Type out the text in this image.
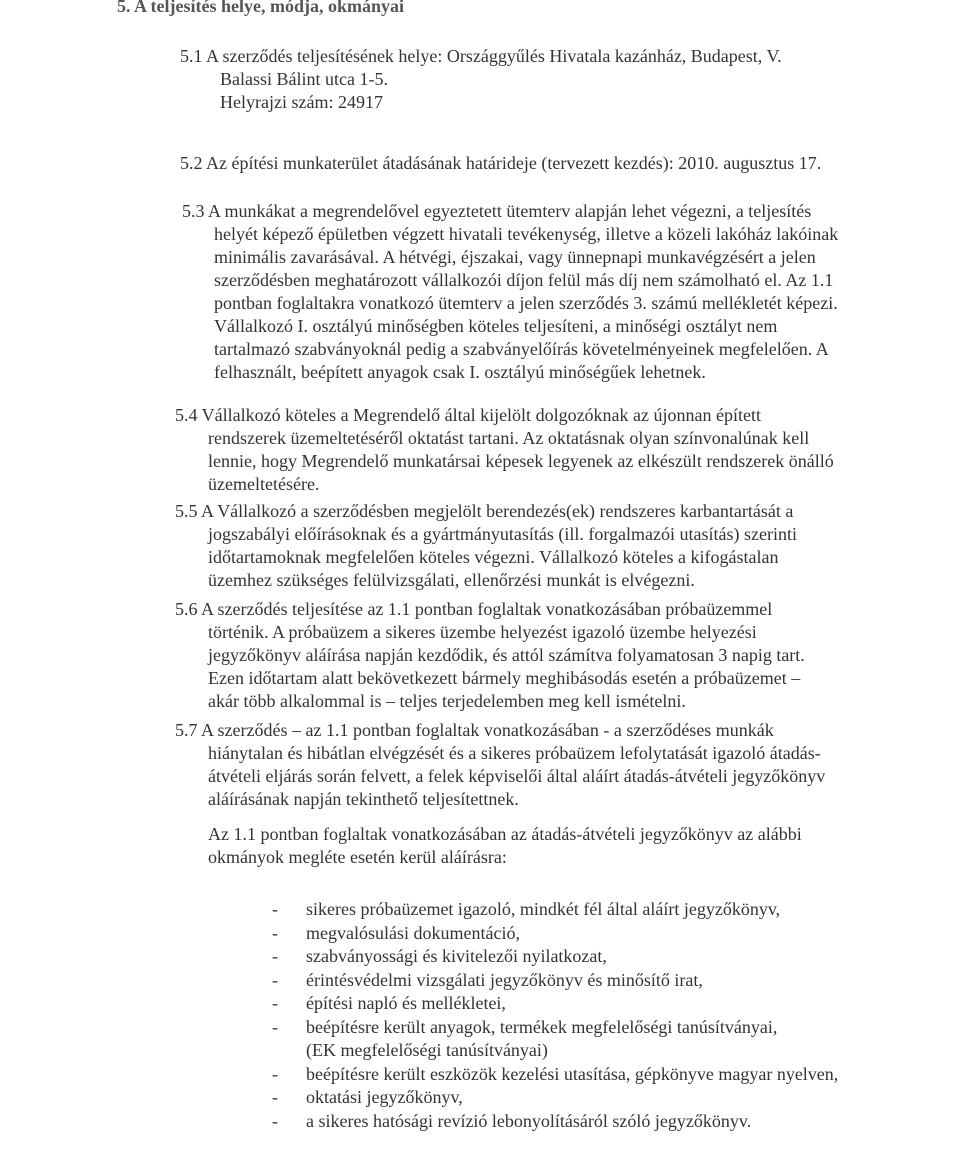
5. A teljesítés helye, módja, okmányai
5.1 A szerződés teljesítésének helye: Országgyűlés Hivatala kazánház, Budapest, V.
Balassi Bálint utca 1-5.
Helyrajzi szám: 24917
5.2 Az építési munkaterület átadásának határideje (tervezett kezdés): 2010. augusztus 17.
5.3 A munkákat a megrendelővel egyeztetett ütemterv alapján lehet végezni, a teljesítés
helyét képező épületben végzett hivatali tevékenység, illetve a közeli lakóház lakóinak
minimális zavarásával. A hétvégi, éjszakai, vagy ünnepnapi munkavégzésért a jelen
szerződésben meghatározott vállalkozói díjon felül más díj nem számolható el. Az 1.1
pontban foglaltakra vonatkozó ütemterv a jelen szerződés 3. számú mellékletét képezi.
Vállalkozó I. osztályú minőségben köteles teljesíteni, a minőségi osztályt nem
tartalmazó szabványoknál pedig a szabványelőírás követelményeinek megfelelően. A
felhasznált, beépített anyagok csak I. osztályú minőségűek lehetnek.
5.4 Vállalkozó köteles a Megrendelő által kijelölt dolgozóknak az újonnan épített
rendszerek üzemeltetéséről oktatást tartani. Az oktatásnak olyan színvonalúnak kell
lennie, hogy Megrendelő munkatársai képesek legyenek az elkészült rendszerek önálló
üzemeltetésére.
5.5 A Vállalkozó a szerződésben megjelölt berendezés(ek) rendszeres karbantartását a
jogszabályi előírásoknak és a gyártmányutasítás (ill. forgalmazói utasítás) szerinti
időtartamoknak megfelelően köteles végezni. Vállalkozó köteles a kifogástalan
üzemhez szükséges felülvizsgálati, ellenőrzési munkát is elvégezni.
5.6 A szerződés teljesítése az 1.1 pontban foglaltak vonatkozásában próbaüzemmel
történik. A próbaüzem a sikeres üzembe helyezést igazoló üzembe helyezési
jegyzőkönyv aláírása napján kezdődik, és attól számítva folyamatosan 3 napig tart.
Ezen időtartam alatt bekövetkezett bármely meghibásodás esetén a próbaüzemet –
akár több alkalommal is – teljes terjedelemben meg kell ismételni.
5.7 A szerződés – az 1.1 pontban foglaltak vonatkozásában - a szerződéses munkák
hiánytalan és hibátlan elvégzését és a sikeres próbaüzem lefolytatását igazoló átadás-
átvételi eljárás során felvett, a felek képviselői által aláírt átadás-átvételi jegyzőkönyv
aláírásának napján tekinthető teljesítettnek.
Az 1.1 pontban foglaltak vonatkozásában az átadás-átvételi jegyzőkönyv az alábbi
okmányok megléte esetén kerül aláírásra:
- sikeres próbaüzemet igazoló, mindkét fél által aláírt jegyzőkönyv,
- megvalósulási dokumentáció,
- szabványossági és kivitelezői nyilatkozat,
- érintésvédelmi vizsgálati jegyzőkönyv és minősítő irat,
- építési napló és mellékletei,
- beépítésre került anyagok, termékek megfelelőségi tanúsítványai,
(EK megfelelőségi tanúsítványai)
- beépítésre került eszközök kezelési utasítása, gépkönyve magyar nyelven,
- oktatási jegyzőkönyv,
- a sikeres hatósági revízió lebonyolításáról szóló jegyzőkönyv.
